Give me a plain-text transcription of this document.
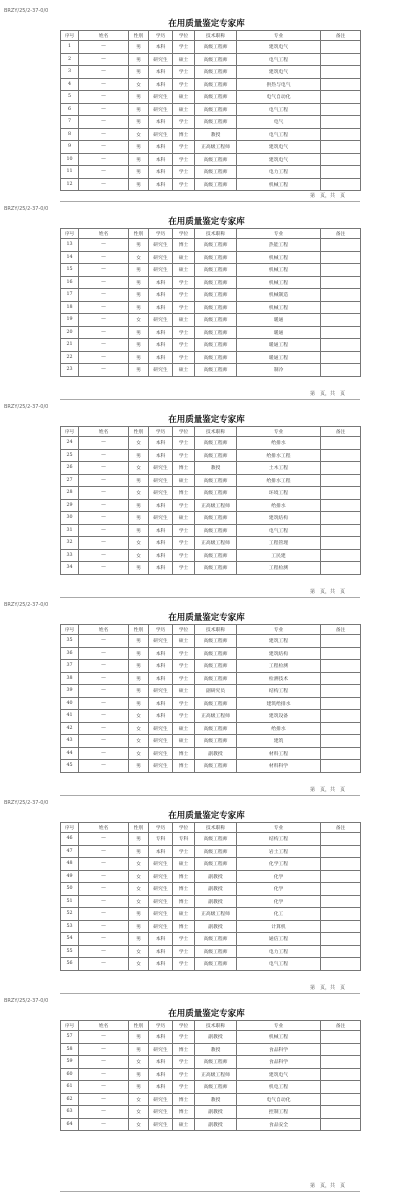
BRZY/25/2-37-0/0
在用质量鉴定专家库
序号	姓名	性别	学历	学位	技术职称	专业	备注
1	—	男	本科	学士	高级工程师	建筑电气	
2	—	男	研究生	硕士	高级工程师	电气工程	
3	—	男	本科	学士	高级工程师	建筑电气	
4	—	女	本科	学士	高级工程师	供热与电气	
5	—	男	研究生	硕士	高级工程师	电气自动化	
6	—	男	研究生	硕士	高级工程师	电气工程	
7	—	男	本科	学士	高级工程师	电气	
8	—	女	研究生	博士	教授	电气工程	
9	—	男	本科	学士	正高级工程师	建筑电气	
10	—	男	本科	学士	高级工程师	建筑电气	
11	—	男	本科	学士	高级工程师	电力工程	
12	—	男	本科	学士	高级工程师	机械工程	
第　页，共　页
BRZY/25/2-37-0/0
在用质量鉴定专家库
序号	姓名	性别	学历	学位	技术职称	专业	备注
13	—	男	研究生	博士	高级工程师	热能工程	
14	—	女	研究生	硕士	高级工程师	机械工程	
15	—	男	研究生	硕士	高级工程师	机械工程	
16	—	男	本科	学士	高级工程师	机械工程	
17	—	男	本科	学士	高级工程师	机械制造	
18	—	男	本科	学士	高级工程师	机械工程	
19	—	女	研究生	硕士	高级工程师	暖通	
20	—	男	本科	学士	高级工程师	暖通	
21	—	男	本科	学士	高级工程师	暖通工程	
22	—	男	本科	学士	高级工程师	暖通工程	
23	—	男	研究生	硕士	高级工程师	制冷	
第　页，共　页
BRZY/25/2-37-0/0
在用质量鉴定专家库
序号	姓名	性别	学历	学位	技术职称	专业	备注
24	—	女	本科	学士	高级工程师	给排水	
25	—	男	本科	学士	高级工程师	给排水工程	
26	—	女	研究生	博士	教授	土木工程	
27	—	男	研究生	硕士	高级工程师	给排水工程	
28	—	女	研究生	博士	高级工程师	环境工程	
29	—	男	本科	学士	正高级工程师	给排水	
30	—	男	研究生	硕士	高级工程师	建筑结构	
31	—	男	本科	学士	高级工程师	电气工程	
32	—	女	本科	学士	正高级工程师	工程管理	
33	—	女	本科	学士	高级工程师	工民建	
34	—	男	本科	学士	高级工程师	工程检测	
第　页，共　页
BRZY/25/2-37-0/0
在用质量鉴定专家库
序号	姓名	性别	学历	学位	技术职称	专业	备注
35	—	男	研究生	硕士	高级工程师	建筑工程	
36	—	男	本科	学士	高级工程师	建筑结构	
37	—	男	本科	学士	高级工程师	工程检测	
38	—	男	本科	学士	高级工程师	检测技术	
39	—	男	研究生	硕士	副研究员	结构工程	
40	—	男	本科	学士	高级工程师	建筑给排水	
41	—	女	本科	学士	正高级工程师	建筑设备	
42	—	女	研究生	硕士	高级工程师	给排水	
43	—	女	研究生	硕士	高级工程师	建筑	
44	—	女	研究生	博士	副教授	材料工程	
45	—	男	研究生	博士	高级工程师	材料科学	
第　页，共　页
BRZY/25/2-37-0/0
在用质量鉴定专家库
序号	姓名	性别	学历	学位	技术职称	专业	备注
46	—	男	专科	专科	高级工程师	结构工程	
47	—	男	本科	学士	高级工程师	岩土工程	
48	—	女	研究生	硕士	高级工程师	化学工程	
49	—	女	研究生	博士	副教授	化学	
50	—	女	研究生	博士	副教授	化学	
51	—	女	研究生	博士	副教授	化学	
52	—	男	研究生	硕士	正高级工程师	化工	
53	—	男	研究生	博士	副教授	计算机	
54	—	男	本科	学士	高级工程师	通信工程	
55	—	女	本科	学士	高级工程师	电力工程	
56	—	女	本科	学士	高级工程师	电气工程	
第　页，共　页
BRZY/25/2-37-0/0
在用质量鉴定专家库
序号	姓名	性别	学历	学位	技术职称	专业	备注
57	—	男	本科	学士	副教授	机械工程	
58	—	男	研究生	博士	教授	食品科学	
59	—	女	本科	学士	高级工程师	食品科学	
60	—	男	本科	学士	正高级工程师	建筑电气	
61	—	男	本科	学士	高级工程师	机电工程	
62	—	女	研究生	博士	教授	电气自动化	
63	—	女	研究生	博士	副教授	控制工程	
64	—	女	研究生	硕士	副教授	食品安全	
第　页，共　页
